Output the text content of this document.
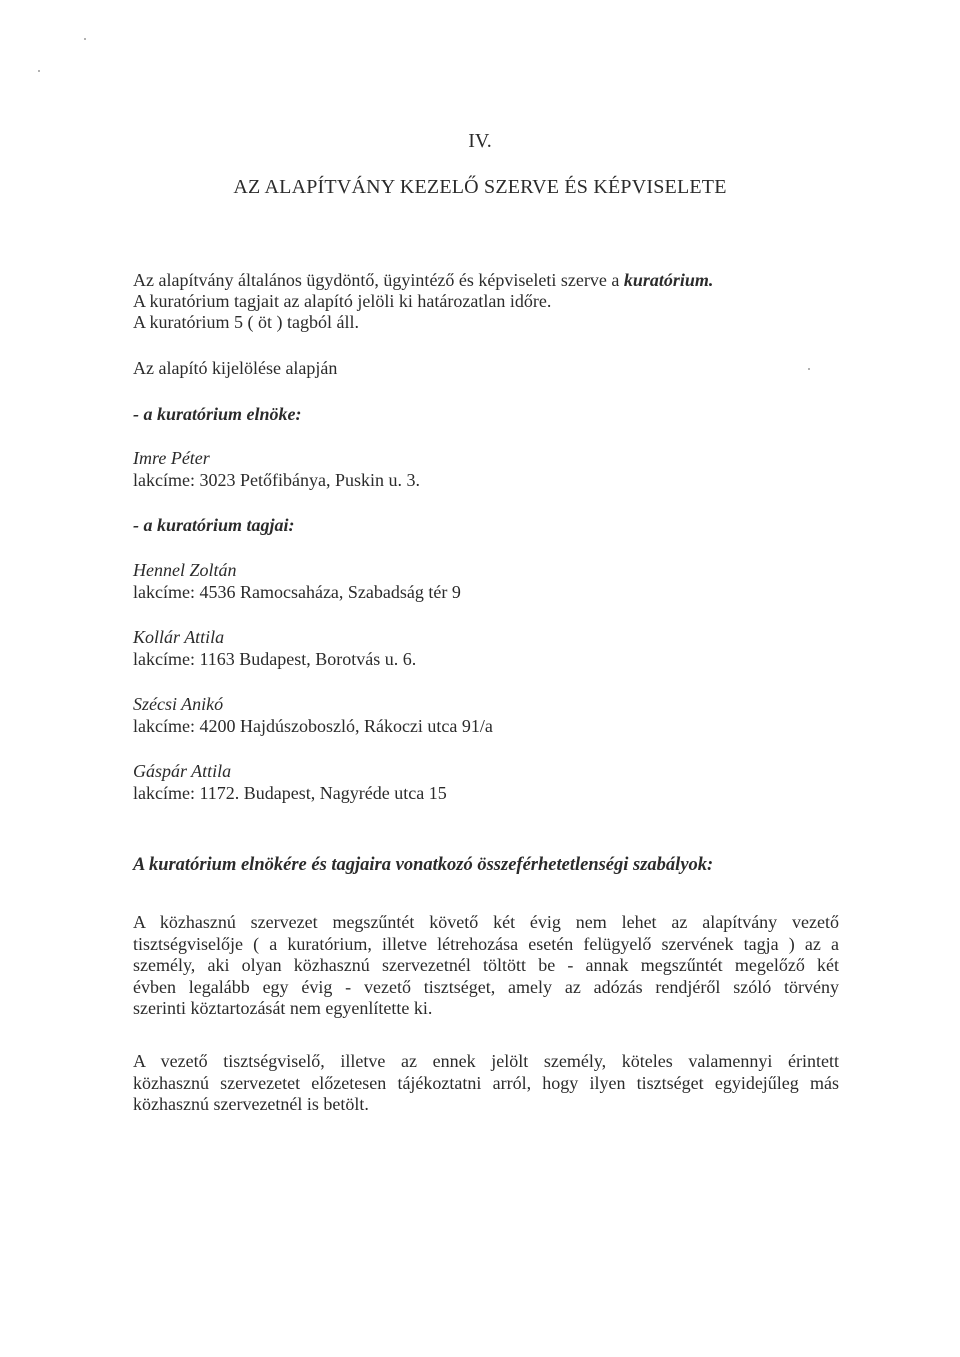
IV.
AZ ALAPÍTVÁNY KEZELŐ SZERVE ÉS KÉPVISELETE
Az alapítvány általános ügydöntő, ügyintéző és képviseleti szerve a kuratórium.
A kuratórium tagjait az alapító jelöli ki határozatlan időre.
A kuratórium 5 ( öt ) tagból áll.
Az alapító kijelölése alapján
- a kuratórium elnöke:
Imre Péter
lakcíme: 3023 Petőfibánya, Puskin u. 3.
- a kuratórium tagjai:
Hennel Zoltán
lakcíme: 4536 Ramocsaháza, Szabadság tér 9
Kollár Attila
lakcíme: 1163 Budapest, Borotvás u. 6.
Szécsi Anikó
lakcíme: 4200 Hajdúszoboszló, Rákoczi utca 91/a
Gáspár Attila
lakcíme: 1172. Budapest, Nagyréde utca 15
A kuratórium elnökére és tagjaira vonatkozó összeférhetetlenségi szabályok:
A közhasznú szervezet megszűntét követő két évig nem lehet az alapítvány vezető
tisztségviselője ( a kuratórium, illetve létrehozása esetén felügyelő szervének tagja ) az a
személy, aki olyan közhasznú szervezetnél töltött be - annak megszűntét megelőző két
évben legalább egy évig - vezető tisztséget, amely az adózás rendjéről szóló törvény
szerinti köztartozását nem egyenlítette ki.
A vezető tisztségviselő, illetve az ennek jelölt személy, köteles valamennyi érintett
közhasznú szervezetet előzetesen tájékoztatni arról, hogy ilyen tisztséget egyidejűleg más
közhasznú szervezetnél is betölt.
